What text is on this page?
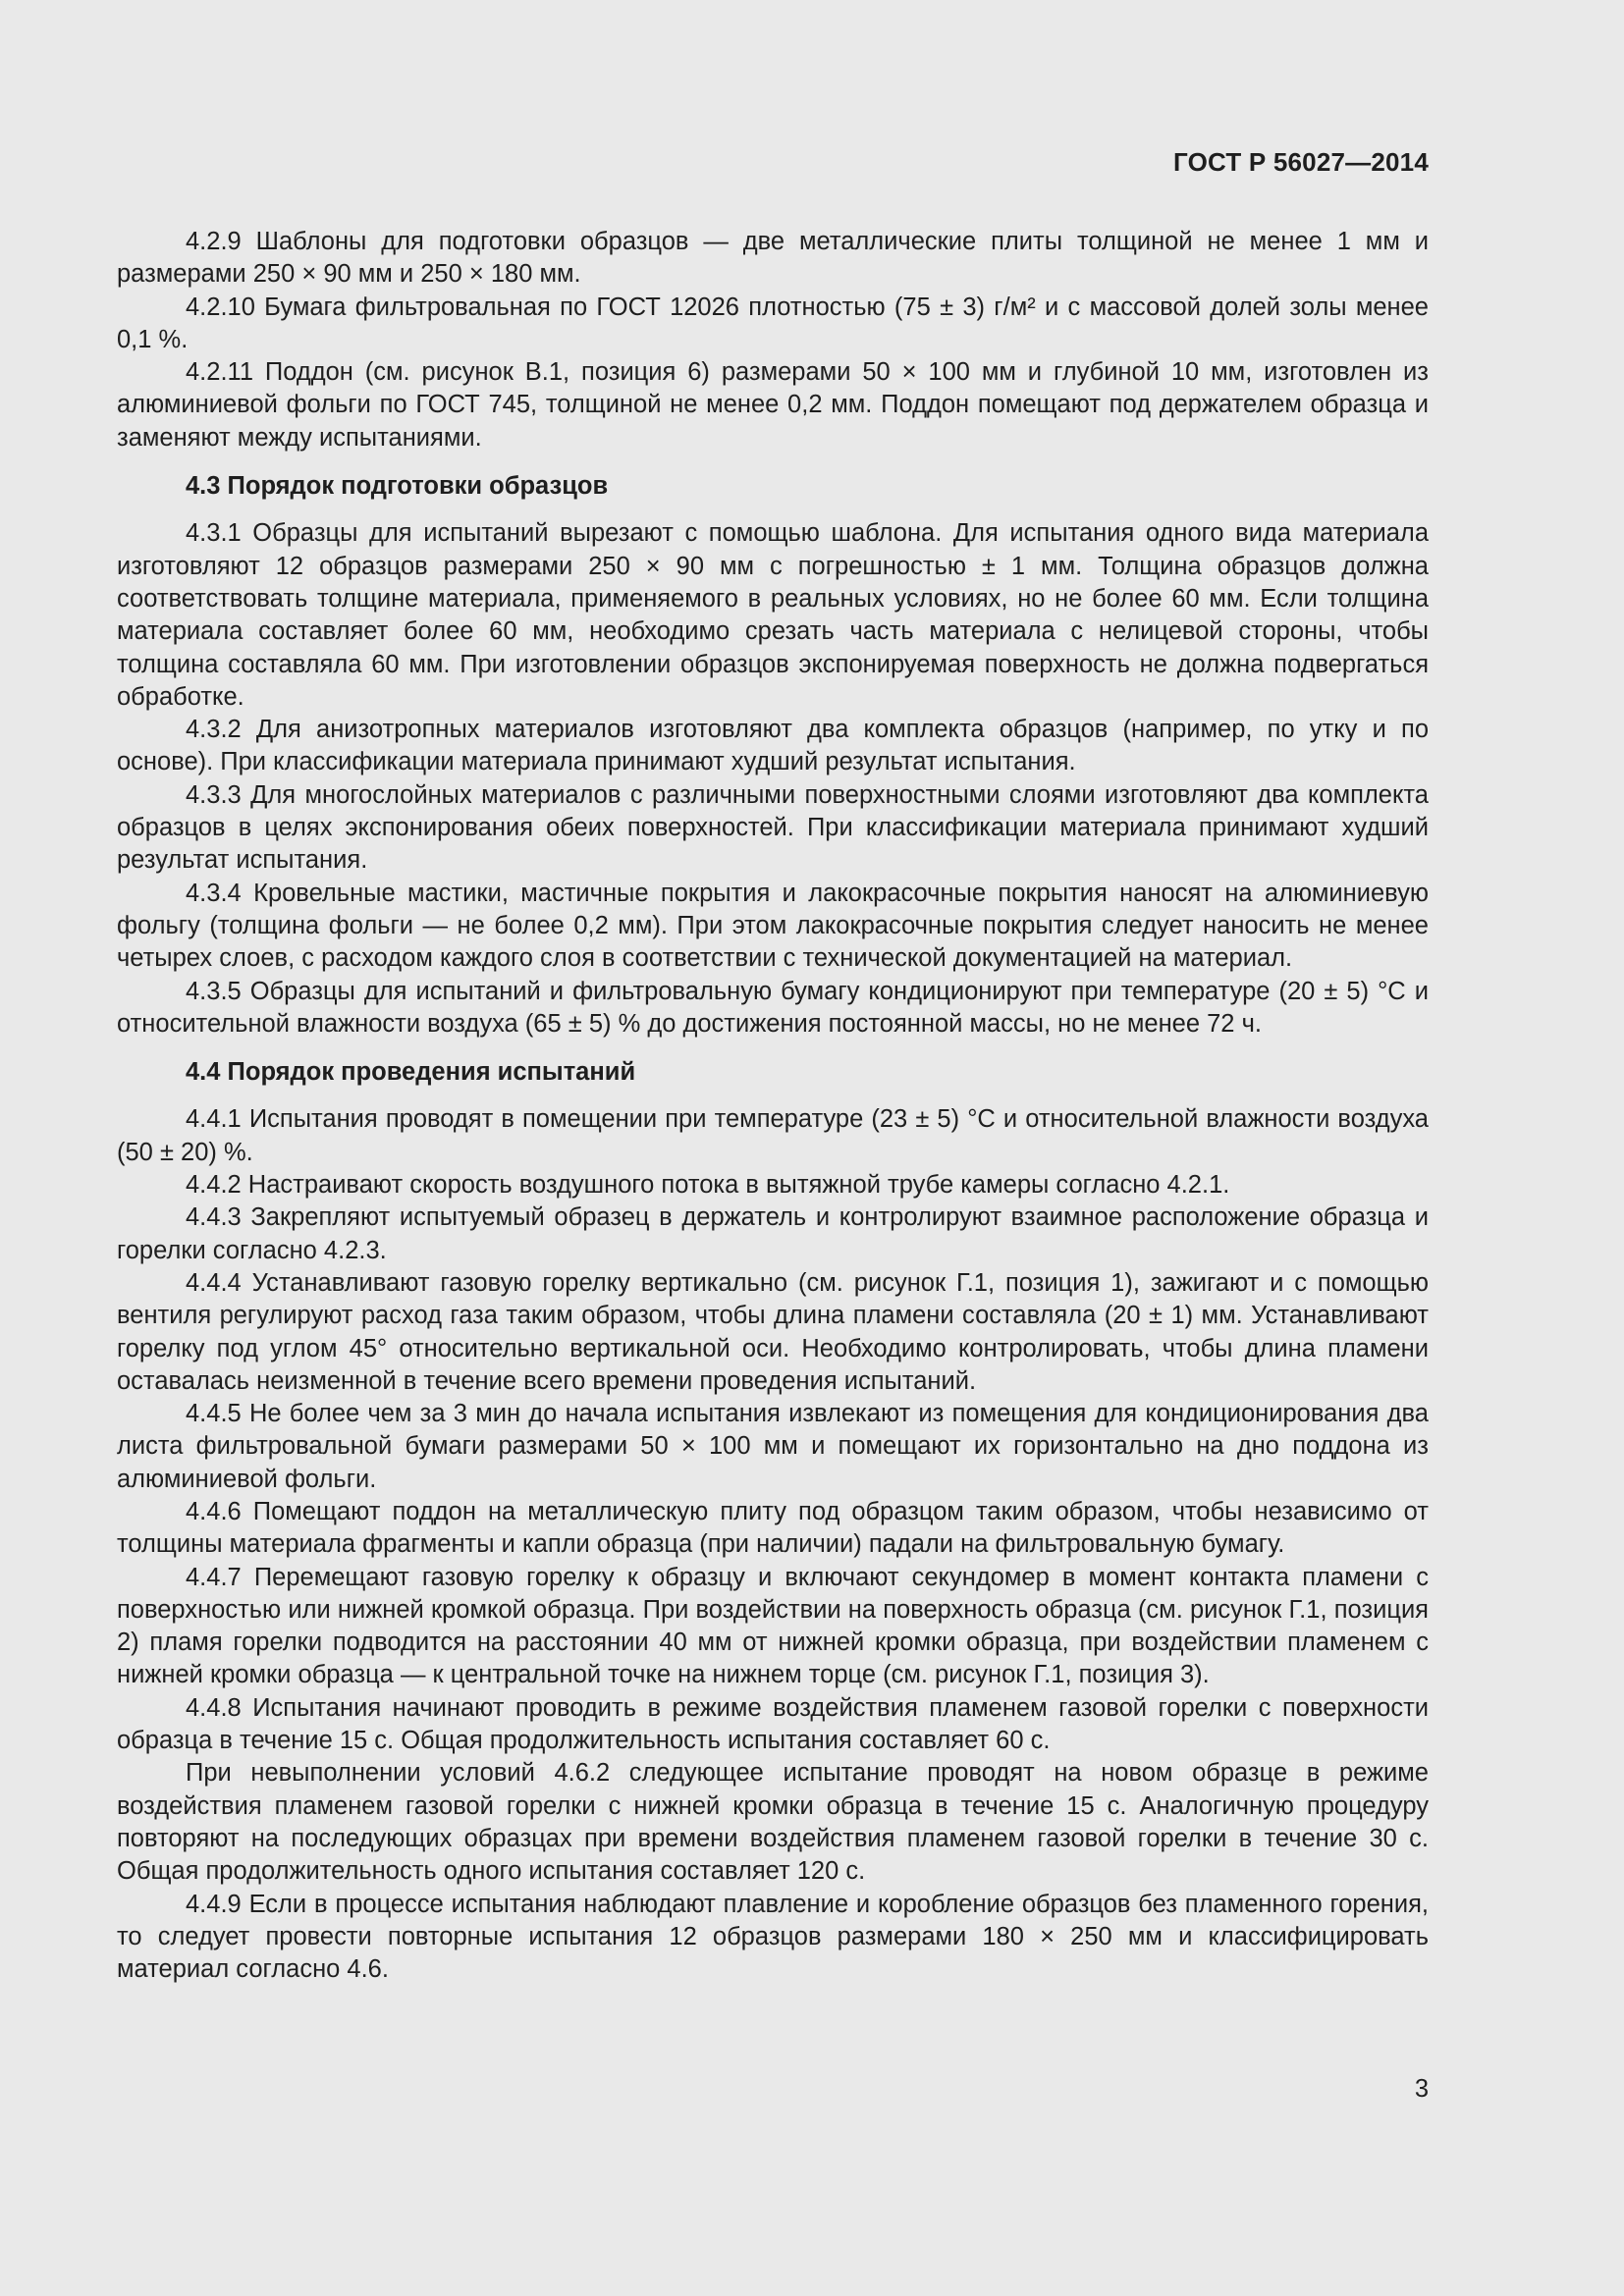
ГОСТ Р 56027—2014
4.2.9 Шаблоны для подготовки образцов — две металлические плиты толщиной не менее 1 мм и размерами 250 × 90 мм и 250 × 180 мм.
4.2.10 Бумага фильтровальная по ГОСТ 12026 плотностью (75 ± 3) г/м² и с массовой долей золы менее 0,1 %.
4.2.11 Поддон (см. рисунок В.1, позиция 6) размерами 50 × 100 мм и глубиной 10 мм, изготовлен из алюминиевой фольги по ГОСТ 745, толщиной не менее 0,2 мм. Поддон помещают под держателем образца и заменяют между испытаниями.
4.3 Порядок подготовки образцов
4.3.1 Образцы для испытаний вырезают с помощью шаблона. Для испытания одного вида материала изготовляют 12 образцов размерами 250 × 90 мм с погрешностью ± 1 мм. Толщина образцов должна соответствовать толщине материала, применяемого в реальных условиях, но не более 60 мм. Если толщина материала составляет более 60 мм, необходимо срезать часть материала с нелицевой стороны, чтобы толщина составляла 60 мм. При изготовлении образцов экспонируемая поверхность не должна подвергаться обработке.
4.3.2 Для анизотропных материалов изготовляют два комплекта образцов (например, по утку и по основе). При классификации материала принимают худший результат испытания.
4.3.3 Для многослойных материалов с различными поверхностными слоями изготовляют два комплекта образцов в целях экспонирования обеих поверхностей. При классификации материала принимают худший результат испытания.
4.3.4 Кровельные мастики, мастичные покрытия и лакокрасочные покрытия наносят на алюминиевую фольгу (толщина фольги — не более 0,2 мм). При этом лакокрасочные покрытия следует наносить не менее четырех слоев, с расходом каждого слоя в соответствии с технической документацией на материал.
4.3.5 Образцы для испытаний и фильтровальную бумагу кондиционируют при температуре (20 ± 5) °С и относительной влажности воздуха (65 ± 5) % до достижения постоянной массы, но не менее 72 ч.
4.4 Порядок проведения испытаний
4.4.1 Испытания проводят в помещении при температуре (23 ± 5) °С и относительной влажности воздуха (50 ± 20) %.
4.4.2 Настраивают скорость воздушного потока в вытяжной трубе камеры согласно 4.2.1.
4.4.3 Закрепляют испытуемый образец в держатель и контролируют взаимное расположение образца и горелки согласно 4.2.3.
4.4.4 Устанавливают газовую горелку вертикально (см. рисунок Г.1, позиция 1), зажигают и с помощью вентиля регулируют расход газа таким образом, чтобы длина пламени составляла (20 ± 1) мм. Устанавливают горелку под углом 45° относительно вертикальной оси. Необходимо контролировать, чтобы длина пламени оставалась неизменной в течение всего времени проведения испытаний.
4.4.5 Не более чем за 3 мин до начала испытания извлекают из помещения для кондиционирования два листа фильтровальной бумаги размерами 50 × 100 мм и помещают их горизонтально на дно поддона из алюминиевой фольги.
4.4.6 Помещают поддон на металлическую плиту под образцом таким образом, чтобы независимо от толщины материала фрагменты и капли образца (при наличии) падали на фильтровальную бумагу.
4.4.7 Перемещают газовую горелку к образцу и включают секундомер в момент контакта пламени с поверхностью или нижней кромкой образца. При воздействии на поверхность образца (см. рисунок Г.1, позиция 2) пламя горелки подводится на расстоянии 40 мм от нижней кромки образца, при воздействии пламенем с нижней кромки образца — к центральной точке на нижнем торце (см. рисунок Г.1, позиция 3).
4.4.8 Испытания начинают проводить в режиме воздействия пламенем газовой горелки с поверхности образца в течение 15 с. Общая продолжительность испытания составляет 60 с.
При невыполнении условий 4.6.2 следующее испытание проводят на новом образце в режиме воздействия пламенем газовой горелки с нижней кромки образца в течение 15 с. Аналогичную процедуру повторяют на последующих образцах при времени воздействия пламенем газовой горелки в течение 30 с. Общая продолжительность одного испытания составляет 120 с.
4.4.9 Если в процессе испытания наблюдают плавление и коробление образцов без пламенного горения, то следует провести повторные испытания 12 образцов размерами 180 × 250 мм и классифицировать материал согласно 4.6.
3
